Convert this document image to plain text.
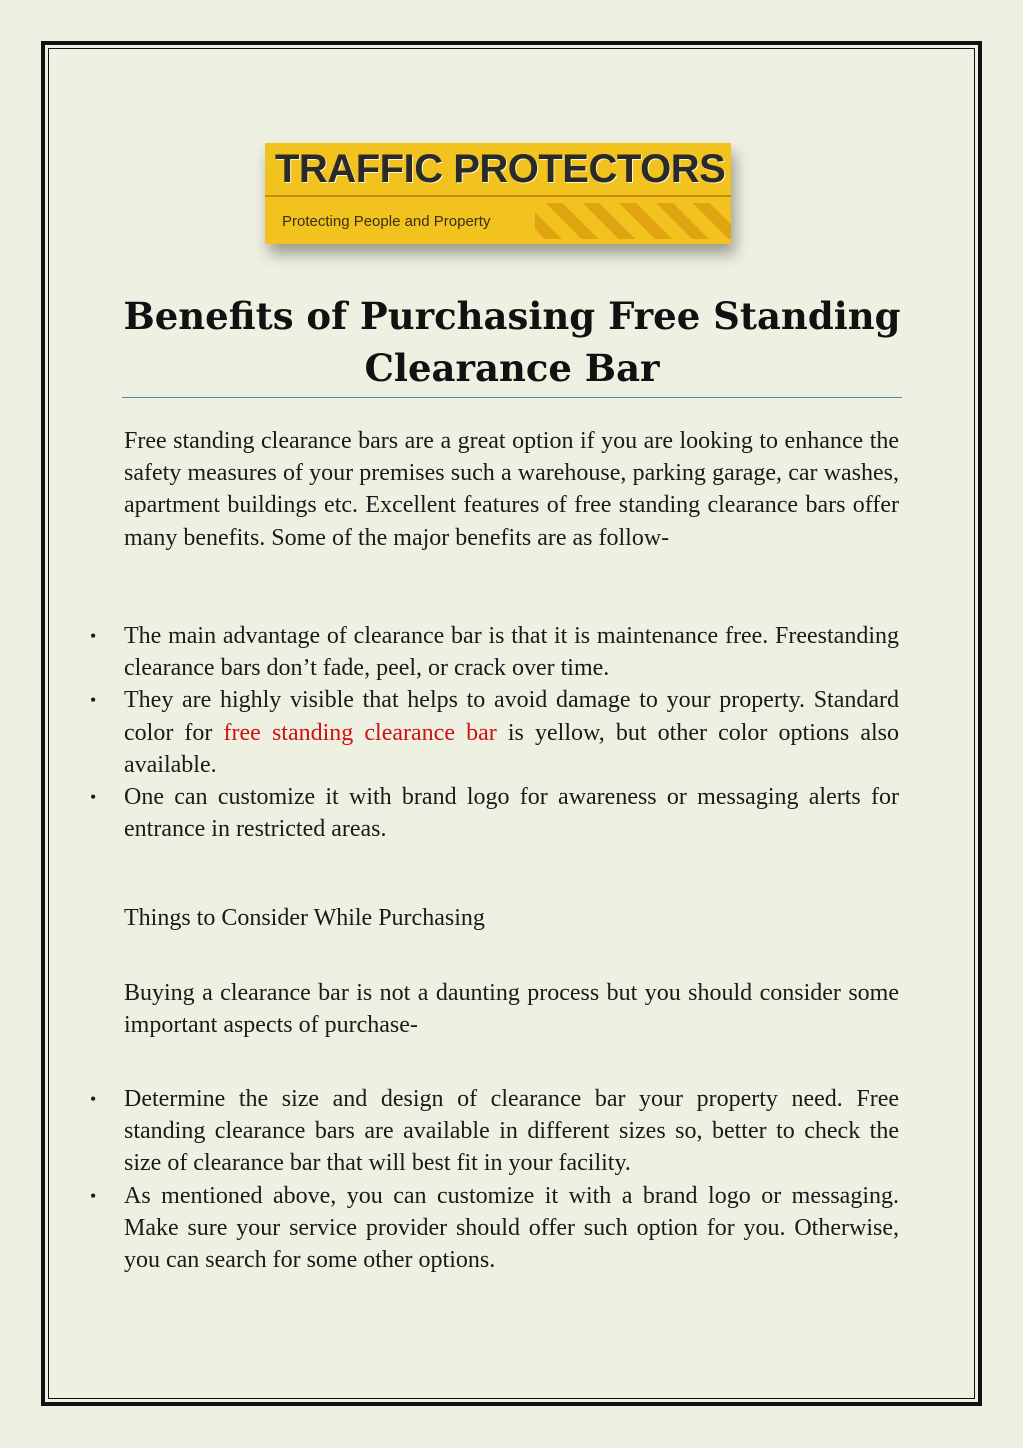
TRAFFIC PROTECTORS
Protecting People and Property
Benefits of Purchasing Free Standing Clearance Bar

Free standing clearance bars are a great option if you are looking to enhance the safety measures of your premises such a warehouse, parking garage, car washes, apartment buildings etc. Excellent features of free standing clearance bars offer many benefits. Some of the major benefits are as follow-

• The main advantage of clearance bar is that it is maintenance free. Freestanding clearance bars don’t fade, peel, or crack over time.
• They are highly visible that helps to avoid damage to your property. Standard color for free standing clearance bar is yellow, but other color options also available.
• One can customize it with brand logo for awareness or messaging alerts for entrance in restricted areas.
Things to Consider While Purchasing

Buying a clearance bar is not a daunting process but you should consider some important aspects of purchase-

• Determine the size and design of clearance bar your property need. Free standing clearance bars are available in different sizes so, better to check the size of clearance bar that will best fit in your facility.
• As mentioned above, you can customize it with a brand logo or messaging. Make sure your service provider should offer such option for you. Otherwise, you can search for some other options.
